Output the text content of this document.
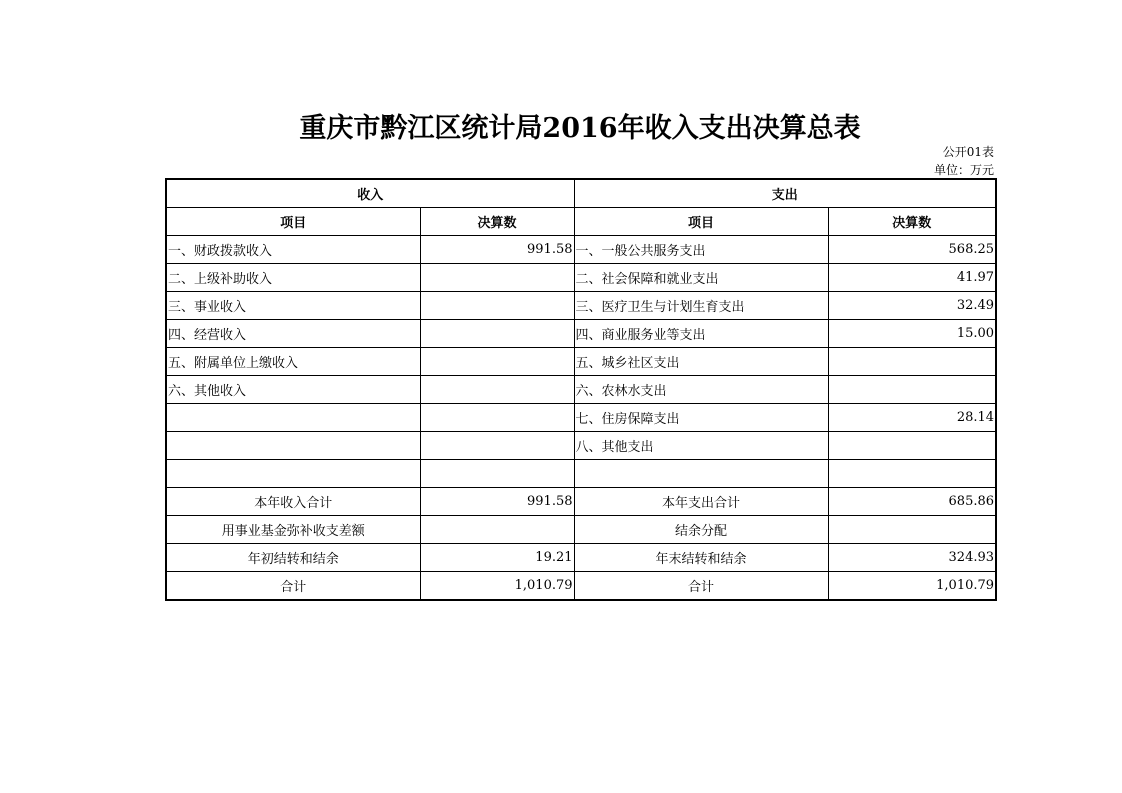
重庆市黔江区统计局2016年收入支出决算总表
公开01表
单位：万元
收入		支出	
项目	决算数	项目	决算数
一、财政拨款收入	991.58	一、一般公共服务支出	568.25
二、上级补助收入		二、社会保障和就业支出	41.97
三、事业收入		三、医疗卫生与计划生育支出	32.49
四、经营收入		四、商业服务业等支出	15.00
五、附属单位上缴收入		五、城乡社区支出	
六、其他收入		六、农林水支出	
		七、住房保障支出	28.14
		八、其他支出	

本年收入合计	991.58	本年支出合计	685.86
用事业基金弥补收支差额		结余分配	
年初结转和结余	19.21	年末结转和结余	324.93
合计	1,010.79	合计	1,010.79
